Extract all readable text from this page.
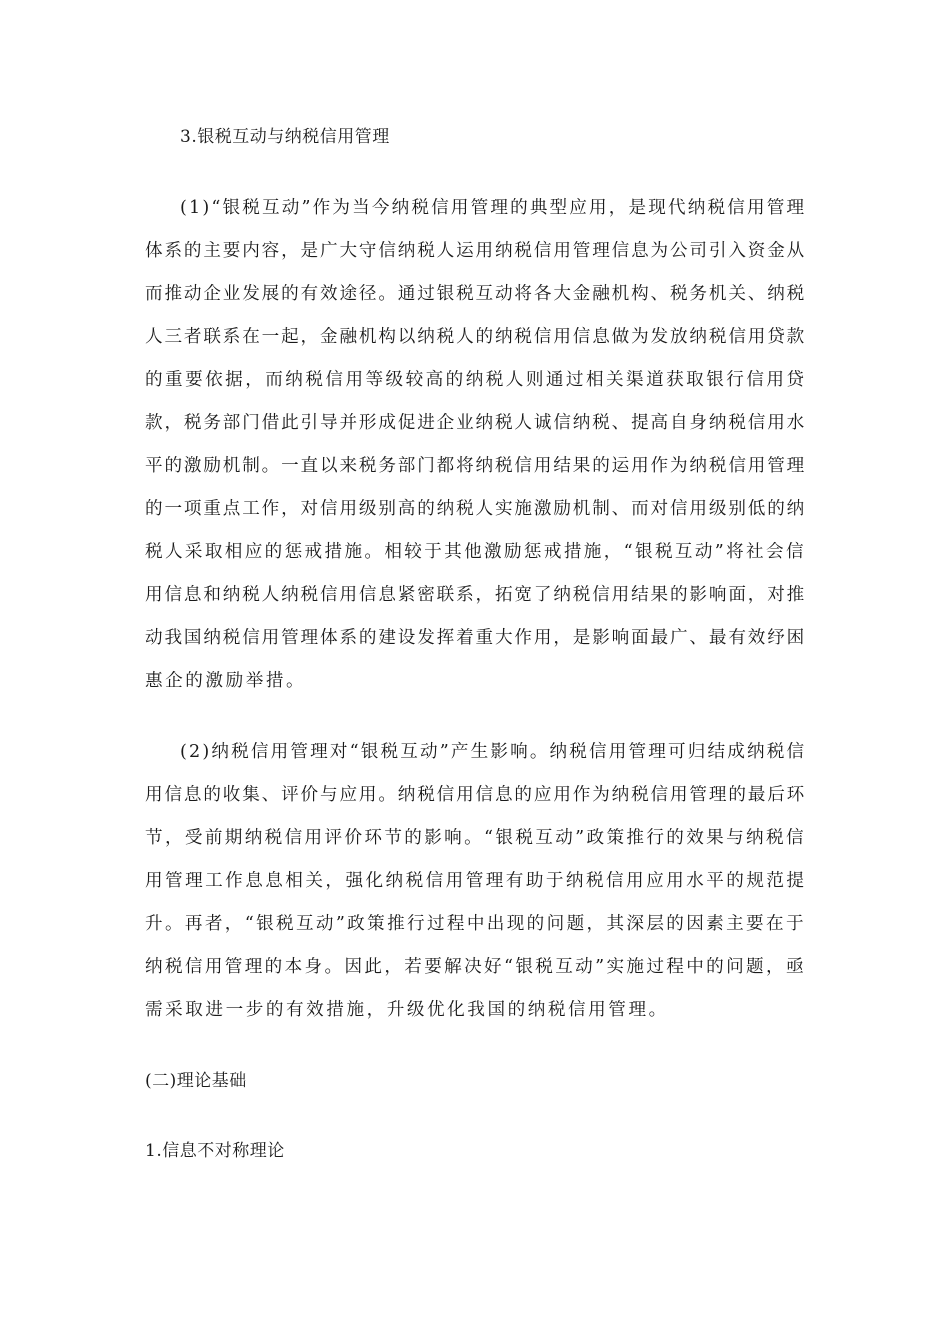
3.银税互动与纳税信用管理
(1)“银税互动”作为当今纳税信用管理的典型应用，是现代纳税信用管理
体系的主要内容，是广大守信纳税人运用纳税信用管理信息为公司引入资金从
而推动企业发展的有效途径。通过银税互动将各大金融机构、税务机关、纳税
人三者联系在一起，金融机构以纳税人的纳税信用信息做为发放纳税信用贷款
的重要依据，而纳税信用等级较高的纳税人则通过相关渠道获取银行信用贷
款，税务部门借此引导并形成促进企业纳税人诚信纳税、提高自身纳税信用水
平的激励机制。一直以来税务部门都将纳税信用结果的运用作为纳税信用管理
的一项重点工作，对信用级别高的纳税人实施激励机制、而对信用级别低的纳
税人采取相应的惩戒措施。相较于其他激励惩戒措施，“银税互动”将社会信
用信息和纳税人纳税信用信息紧密联系，拓宽了纳税信用结果的影响面，对推
动我国纳税信用管理体系的建设发挥着重大作用，是影响面最广、最有效纾困
惠企的激励举措。
(2)纳税信用管理对“银税互动”产生影响。纳税信用管理可归结成纳税信
用信息的收集、评价与应用。纳税信用信息的应用作为纳税信用管理的最后环
节，受前期纳税信用评价环节的影响。“银税互动”政策推行的效果与纳税信
用管理工作息息相关，强化纳税信用管理有助于纳税信用应用水平的规范提
升。再者，“银税互动”政策推行过程中出现的问题，其深层的因素主要在于
纳税信用管理的本身。因此，若要解决好“银税互动”实施过程中的问题，亟
需采取进一步的有效措施，升级优化我国的纳税信用管理。
(二)理论基础
1.信息不对称理论
